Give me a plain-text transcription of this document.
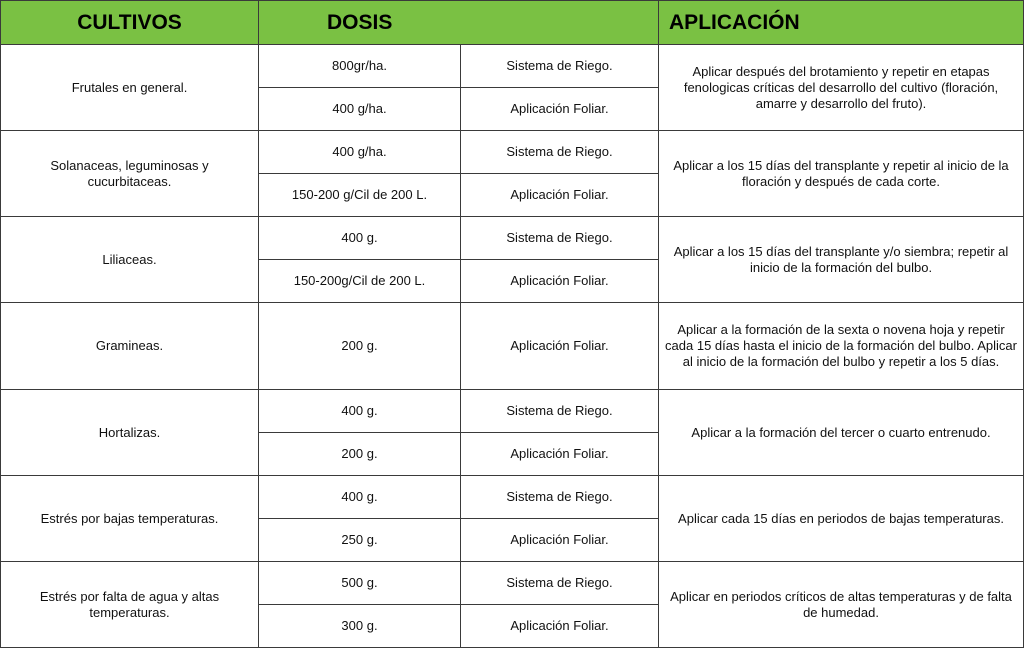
CULTIVOS	DOSIS		APLICACIÓN
Frutales en general.	800gr/ha.	Sistema de Riego.	Aplicar después del brotamiento y repetir en etapas fenologicas críticas del desarrollo del cultivo (floración, amarre y desarrollo del fruto).
	400 g/ha.	Aplicación Foliar.	
Solanaceas, leguminosas y cucurbitaceas.	400 g/ha.	Sistema de Riego.	Aplicar a los 15 días del transplante y repetir al inicio de la floración y después de cada corte.
	150-200 g/Cil de 200 L.	Aplicación Foliar.	
Liliaceas.	400 g.	Sistema de Riego.	Aplicar a los 15 días del transplante y/o siembra; repetir al inicio de la formación del bulbo.
	150-200g/Cil de 200 L.	Aplicación Foliar.	
Gramineas.	200 g.	Aplicación Foliar.	Aplicar a la formación de la sexta o novena hoja y repetir cada 15 días hasta el inicio de la formación del bulbo. Aplicar al inicio de la formación del bulbo y repetir a los 5 días.
Hortalizas.	400 g.	Sistema de Riego.	Aplicar a la formación del tercer o cuarto entrenudo.
	200 g.	Aplicación Foliar.	
Estrés por bajas temperaturas.	400 g.	Sistema de Riego.	Aplicar cada 15 días en periodos de bajas temperaturas.
	250 g.	Aplicación Foliar.	
Estrés por falta de agua y altas temperaturas.	500 g.	Sistema de Riego.	Aplicar en periodos críticos de altas temperaturas y de falta de humedad.
	300 g.	Aplicación Foliar.	
